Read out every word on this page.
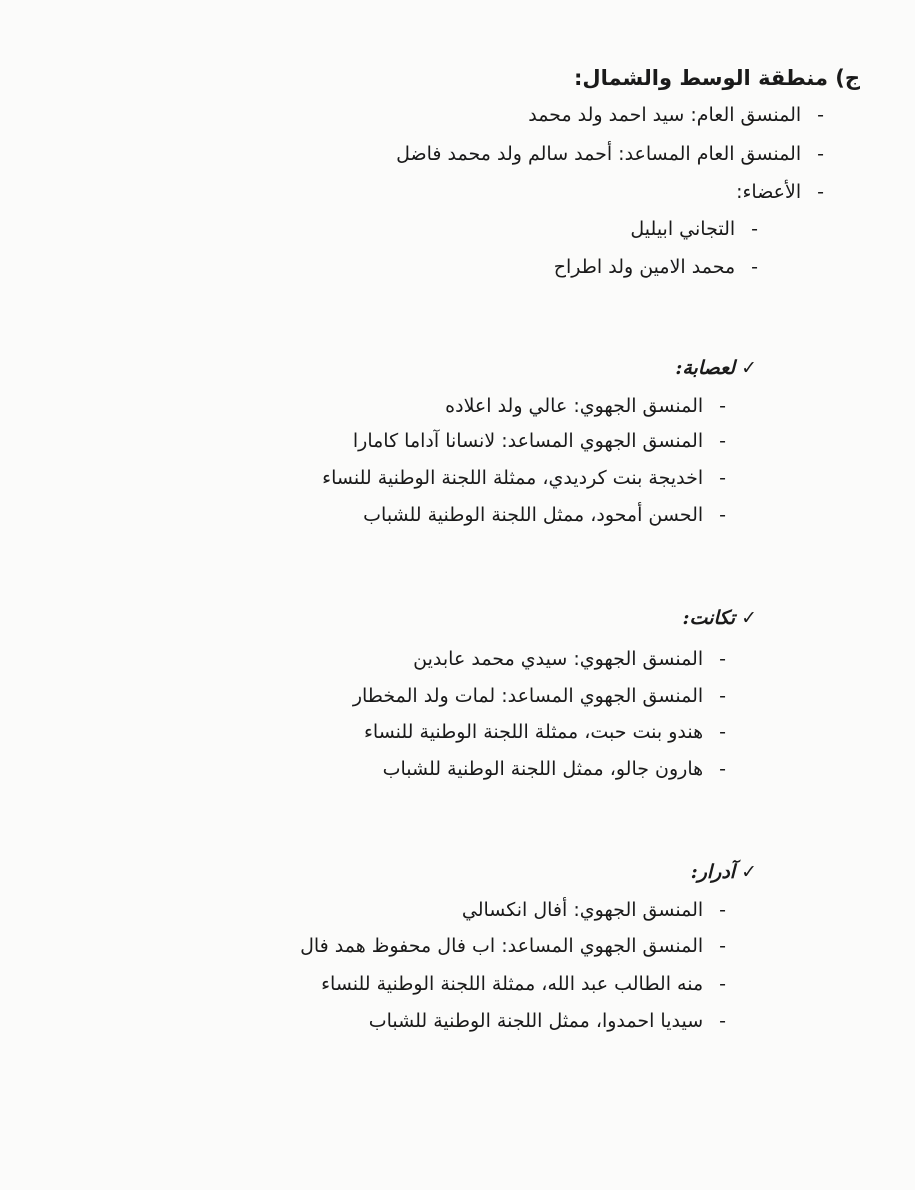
ج) منطقة الوسط والشمال:
-المنسق العام: سيد احمد ولد محمد
-المنسق العام المساعد: أحمد سالم ولد محمد فاضل
-الأعضاء:
-التجاني ابيليل
-محمد الامين ولد اطراح
✓لعصابة:
-المنسق الجهوي: عالي ولد اعلاده
-المنسق الجهوي المساعد: لانسانا آداما كامارا
-اخديجة بنت كرديدي، ممثلة اللجنة الوطنية للنساء
-الحسن أمحود، ممثل اللجنة الوطنية للشباب
✓تكانت:
-المنسق الجهوي: سيدي محمد عابدين
-المنسق الجهوي المساعد: لمات ولد المخطار
-هندو بنت حبت، ممثلة اللجنة الوطنية للنساء
-هارون جالو، ممثل اللجنة الوطنية للشباب
✓آدرار:
-المنسق الجهوي: أفال انكسالي
-المنسق الجهوي المساعد: اب فال محفوظ همد فال
-منه الطالب عبد الله، ممثلة اللجنة الوطنية للنساء
-سيديا احمدوا، ممثل اللجنة الوطنية للشباب
